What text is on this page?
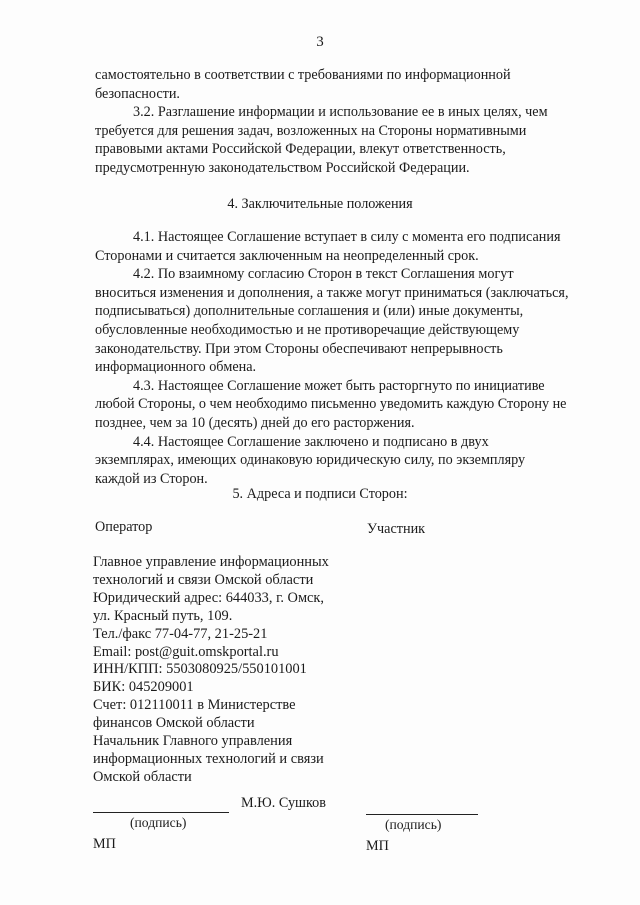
3

самостоятельно в соответствии с требованиями по информационной
безопасности.

3.2. Разглашение информации и использование ее в иных целях, чем
требуется для решения задач, возложенных на Стороны нормативными
правовыми актами Российской Федерации, влекут ответственность,
предусмотренную законодательством Российской Федерации.

4. Заключительные положения

4.1. Настоящее Соглашение вступает в силу с момента его подписания
Сторонами и считается заключенным на неопределенный срок.

4.2. По взаимному согласию Сторон в текст Соглашения могут
вноситься изменения и дополнения, а также могут приниматься (заключаться,
подписываться) дополнительные соглашения и (или) иные документы,
обусловленные необходимостью и не противоречащие действующему
законодательству. При этом Стороны обеспечивают непрерывность
информационного обмена.

4.3. Настоящее Соглашение может быть расторгнуто по инициативе
любой Стороны, о чем необходимо письменно уведомить каждую Сторону не
позднее, чем за 10 (десять) дней до его расторжения.

4.4. Настоящее Соглашение заключено и подписано в двух
экземплярах, имеющих одинаковую юридическую силу, по экземпляру
каждой из Сторон.

5. Адреса и подписи Сторон:
Оператор	Участник
Главное управление информационных
технологий и связи Омской области
Юридический адрес: 644033, г. Омск,
ул. Красный путь, 109.
Тел./факс 77-04-77, 21-25-21
Email: post@guit.omskportal.ru
ИНН/КПП: 5503080925/550101001
БИК: 045209001
Счет: 012110011 в Министерстве
финансов Омской области
Начальник Главного управления
информационных технологий и связи
Омской области
М.Ю. Сушков
(подпись)	(подпись)
МП	МП
